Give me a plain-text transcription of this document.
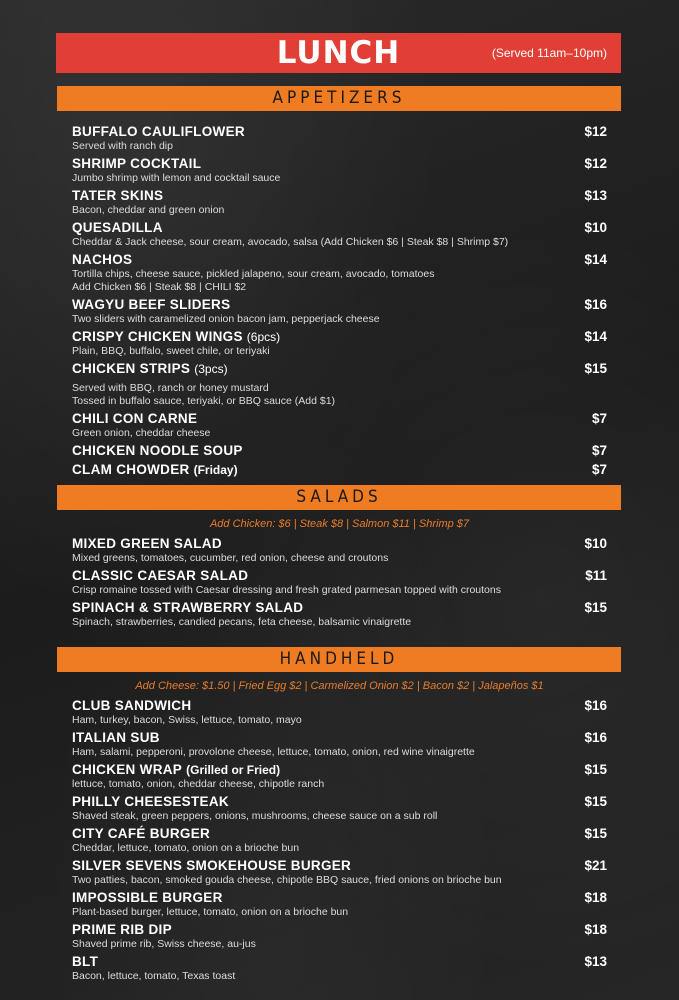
LUNCH	(Served 11am–10pm)
APPETIZERS
BUFFALO CAULIFLOWER	$12
Served with ranch dip
SHRIMP COCKTAIL	$12
Jumbo shrimp with lemon and cocktail sauce
TATER SKINS	$13
Bacon, cheddar and green onion
QUESADILLA	$10
Cheddar & Jack cheese, sour cream, avocado, salsa (Add Chicken $6 | Steak $8 | Shrimp $7)
NACHOS	$14
Tortilla chips, cheese sauce, pickled jalapeno, sour cream, avocado, tomatoes
Add Chicken $6 | Steak $8 | CHILI $2
WAGYU BEEF SLIDERS	$16
Two sliders with caramelized onion bacon jam, pepperjack cheese
CRISPY CHICKEN WINGS (6pcs)	$14
Plain, BBQ, buffalo, sweet chile, or teriyaki
CHICKEN STRIPS (3pcs)	$15
Served with BBQ, ranch or honey mustard
Tossed in buffalo sauce, teriyaki, or BBQ sauce (Add $1)
CHILI CON CARNE	$7
Green onion, cheddar cheese
CHICKEN NOODLE SOUP	$7
CLAM CHOWDER (Friday)	$7
SALADS
Add Chicken: $6 | Steak $8 | Salmon $11 | Shrimp $7
MIXED GREEN SALAD	$10
Mixed greens, tomatoes, cucumber, red onion, cheese and croutons
CLASSIC CAESAR SALAD	$11
Crisp romaine tossed with Caesar dressing and fresh grated parmesan topped with croutons
SPINACH & STRAWBERRY SALAD	$15
Spinach, strawberries, candied pecans, feta cheese, balsamic vinaigrette
HANDHELD
Add Cheese: $1.50 | Fried Egg $2 | Carmelized Onion $2 | Bacon $2 | Jalapeños $1
CLUB SANDWICH	$16
Ham, turkey, bacon, Swiss, lettuce, tomato, mayo
ITALIAN SUB	$16
Ham, salami, pepperoni, provolone cheese, lettuce, tomato, onion, red wine vinaigrette
CHICKEN WRAP (Grilled or Fried)	$15
lettuce, tomato, onion, cheddar cheese, chipotle ranch
PHILLY CHEESESTEAK	$15
Shaved steak, green peppers, onions, mushrooms, cheese sauce on a sub roll
CITY CAFÉ BURGER	$15
Cheddar, lettuce, tomato, onion on a brioche bun
SILVER SEVENS SMOKEHOUSE BURGER	$21
Two patties, bacon, smoked gouda cheese, chipotle BBQ sauce, fried onions on brioche bun
IMPOSSIBLE BURGER	$18
Plant-based burger, lettuce, tomato, onion on a brioche bun
PRIME RIB DIP	$18
Shaved prime rib, Swiss cheese, au-jus
BLT	$13
Bacon, lettuce, tomato, Texas toast
